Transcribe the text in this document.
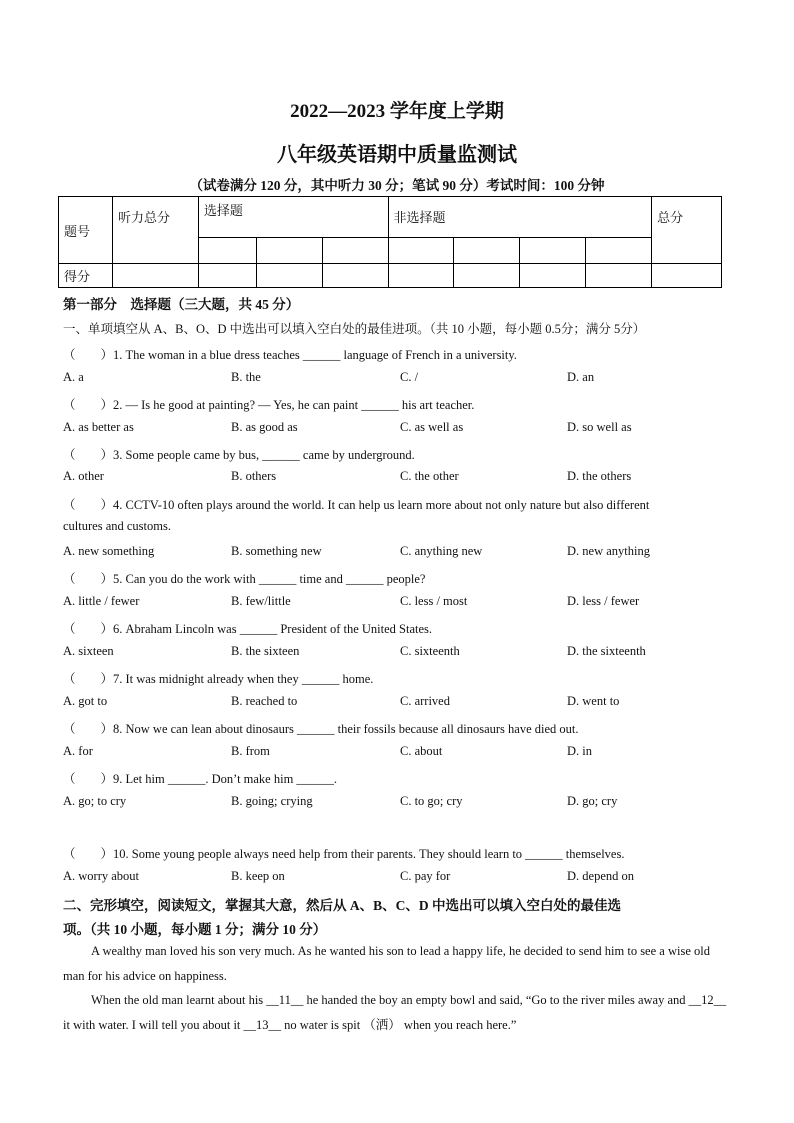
2022—2023 学年度上学期
八年级英语期中质量监测试
（试卷满分 120 分，其中听力 30 分；笔试 90 分）考试时间：100 分钟
题号	听力总分	选择题			非选择题				总分

得分									
第一部分　选择题（三大题，共 45 分）
一、单项填空从 A、B、O、D 中选出可以填入空白处的最佳进项。（共 10 小题，每小题 0.5分；满分 5分）
（　　）1. The woman in a blue dress teaches ______ language of French in a university.
A. a	B. the	C. /	D. an
（　　）2. — Is he good at painting? — Yes, he can paint ______ his art teacher.
A. as better as	B. as good as	C. as well as	D. so well as
（　　）3. Some people came by bus, ______ came by underground.
A. other	B. others	C. the other	D. the others
（　　）4. CCTV-10 often plays around the world. It can help us learn more about not only nature but also different
cultures and customs.
A. new something	B. something new	C. anything new	D. new anything
（　　）5. Can you do the work with ______ time and ______ people?
A. little / fewer	B. few/little	C. less / most	D. less / fewer
（　　）6. Abraham Lincoln was ______ President of the United States.
A. sixteen	B. the sixteen	C. sixteenth	D. the sixteenth
（　　）7. It was midnight already when they ______ home.
A. got to	B. reached to	C. arrived	D. went to
（　　）8. Now we can lean about dinosaurs ______ their fossils because all dinosaurs have died out.
A. for	B. from	C. about	D. in
（　　）9. Let him ______. Don’t make him ______.
A. go; to cry	B. going; crying	C. to go; cry	D. go; cry
（　　）10. Some young people always need help from their parents. They should learn to ______ themselves.
A. worry about	B. keep on	C. pay for	D. depend on
二、完形填空，阅读短文，掌握其大意，然后从 A、B、C、D 中选出可以填入空白处的最佳选
项。（共 10 小题，每小题 1 分；满分 10 分）
A wealthy man loved his son very much. As he wanted his son to lead a happy life, he decided to send him to see a wise old man for his advice on happiness.
When the old man learnt about his __11__ he handed the boy an empty bowl and said, “Go to the river miles away and __12__ it with water. I will tell you about it __13__ no water is spit （洒） when you reach here.”
